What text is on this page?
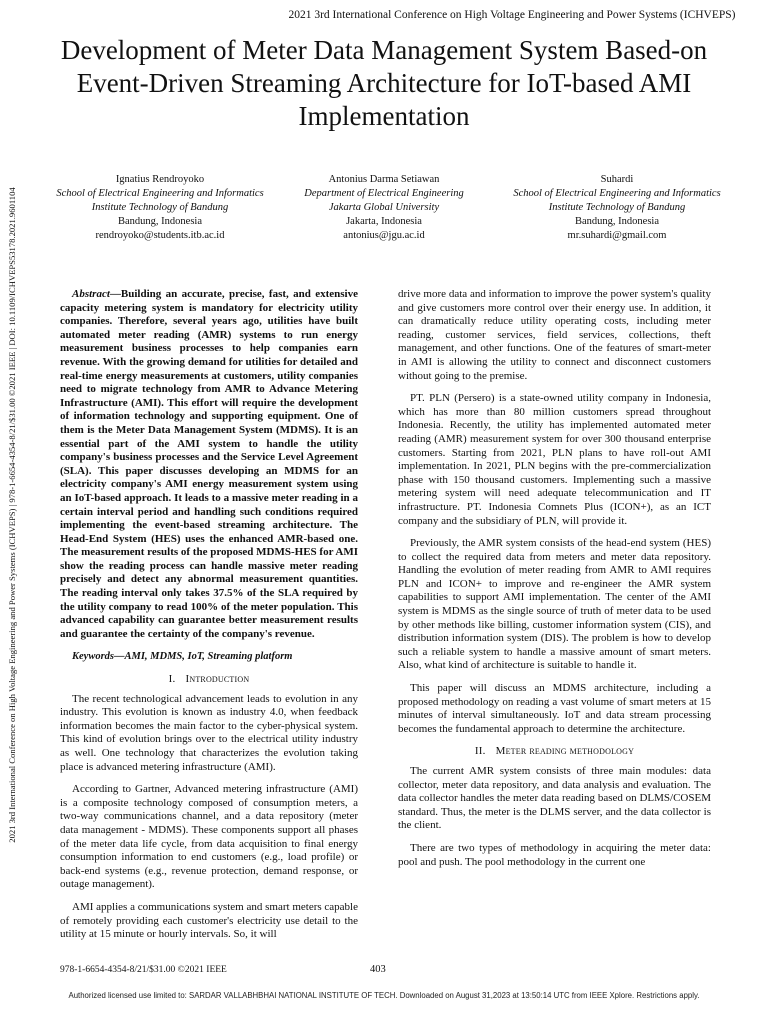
2021 3rd International Conference on High Voltage Engineering and Power Systems (ICHVEPS)
Development of Meter Data Management System Based-on Event-Driven Streaming Architecture for IoT-based AMI Implementation
2021 3rd International Conference on High Voltage Engineering and Power Systems (ICHVEPS) | 978-1-6654-4354-8/21/$31.00 ©2021 IEEE | DOI: 10.1109/ICHVEPS53178.2021.9601104
Ignatius Rendroyoko
School of Electrical Engineering and Informatics
Institute Technology of Bandung
Bandung, Indonesia
rendroyoko@students.itb.ac.id
Antonius Darma Setiawan
Department of Electrical Engineering
Jakarta Global University
Jakarta, Indonesia
antonius@jgu.ac.id
Suhardi
School of Electrical Engineering and Informatics
Institute Technology of Bandung
Bandung, Indonesia
mr.suhardi@gmail.com

Abstract—Building an accurate, precise, fast, and extensive capacity metering system is mandatory for electricity utility companies. Therefore, several years ago, utilities have built automated meter reading (AMR) systems to run energy measurement business processes to help companies earn revenue. With the growing demand for utilities for detailed and real-time energy measurements at customers, utility companies need to migrate technology from AMR to Advance Metering Infrastructure (AMI). This effort will require the development of information technology and supporting equipment. One of them is the Meter Data Management System (MDMS). It is an essential part of the AMI system to handle the utility company's business processes and the Service Level Agreement (SLA). This paper discusses developing an MDMS for an electricity company's AMI energy measurement system using an IoT-based approach. It leads to a massive meter reading in a certain interval period and handling such conditions required implementing the event-based streaming architecture. The Head-End System (HES) uses the enhanced AMR-based one. The measurement results of the proposed MDMS-HES for AMI show the reading process can handle massive meter reading precisely and detect any abnormal measurement quantities. The reading interval only takes 37.5% of the SLA required by the utility company to read 100% of the meter population. This advanced capability can guarantee better measurement results and guarantee the certainty of the company's revenue.

Keywords—AMI, MDMS, IoT, Streaming platform

I. Introduction

The recent technological advancement leads to evolution in any industry. This evolution is known as industry 4.0, when feedback information becomes the main factor to the cyber-physical system. This kind of evolution brings over to the electrical utility industry as well. One technology that characterizes the evolution taking place is advanced metering infrastructure (AMI).

According to Gartner, Advanced metering infrastructure (AMI) is a composite technology composed of consumption meters, a two-way communications channel, and a data repository (meter data management - MDMS). These components support all phases of the meter data life cycle, from data acquisition to final energy consumption information to end customers (e.g., load profile) or back-end systems (e.g., revenue protection, demand response, or outage management).

AMI applies a communications system and smart meters capable of remotely providing each customer's electricity use detail to the utility at 15 minute or hourly intervals. So, it will

drive more data and information to improve the power system's quality and give customers more control over their energy use. In addition, it can dramatically reduce utility operating costs, including meter reading, customer services, field services, collections, theft management, and other functions. One of the features of smart-meter in AMI is allowing the utility to connect and disconnect customers without going to the premise.

PT. PLN (Persero) is a state-owned utility company in Indonesia, which has more than 80 million customers spread throughout Indonesia. Recently, the utility has implemented automated meter reading (AMR) measurement system for over 300 thousand enterprise customers. Starting from 2021, PLN plans to have roll-out AMI implementation. In 2021, PLN begins with the pre-commercialization phase with 150 thousand customers. Implementing such a massive metering system will need adequate telecommunication and IT infrastructure. PT. Indonesia Comnets Plus (ICON+), as an ICT company and the subsidiary of PLN, will provide it.

Previously, the AMR system consists of the head-end system (HES) to collect the required data from meters and meter data repository. Handling the evolution of meter reading from AMR to AMI requires PLN and ICON+ to improve and re-engineer the AMR system capabilities to support AMI implementation. The center of the AMI system is MDMS as the single source of truth of meter data to be used by other methods like billing, customer information system (CIS), and distribution information system (DIS). The problem is how to develop such a reliable system to handle a massive amount of smart meters. Also, what kind of architecture is suitable to handle it.

This paper will discuss an MDMS architecture, including a proposed methodology on reading a vast volume of smart meters at 15 minutes of interval simultaneously. IoT and data stream processing becomes the fundamental approach to determine the architecture.

II. Meter reading methodology

The current AMR system consists of three main modules: data collector, meter data repository, and data analysis and evaluation. The data collector handles the meter data reading based on DLMS/COSEM standard. Thus, the meter is the DLMS server, and the data collector is the client.

There are two types of methodology in acquiring the meter data: pool and push. The pool methodology in the current one

978-1-6654-4354-8/21/$31.00 ©2021 IEEE	403
Authorized licensed use limited to: SARDAR VALLABHBHAI NATIONAL INSTITUTE OF TECH. Downloaded on August 31,2023 at 13:50:14 UTC from IEEE Xplore. Restrictions apply.
